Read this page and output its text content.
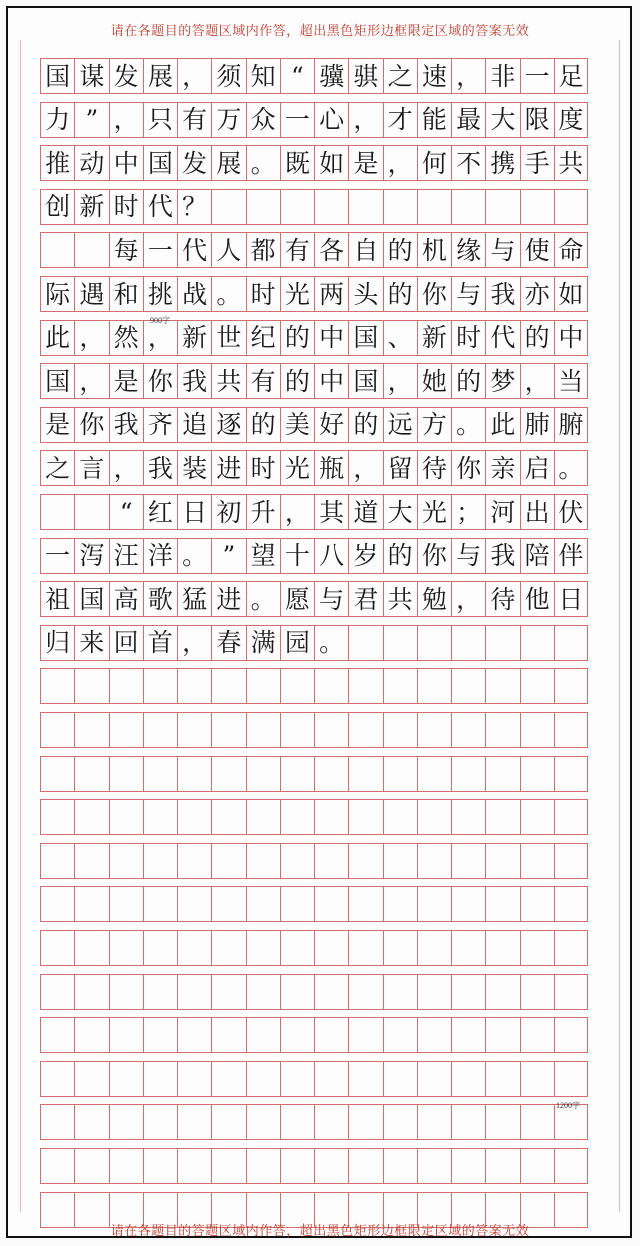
请在各题目的答题区域内作答，超出黑色矩形边框限定区域的答案无效
国 谋 发 展 ， 须 知 “ 骥 骐 之 速 ， 非 一 足
力 ” ， 只 有 万 众 一 心 ， 才 能 最 大 限 度
推 动 中 国 发 展 。 既 如 是 ， 何 不 携 手 共
创 新 时 代 ？
每 一 代 人 都 有 各 自 的 机 缘 与 使 命
际 遇 和 挑 战 。 时 光 两 头 的 你 与 我 亦 如
此 ， 然 ， 新 世 纪 的 中 国 、 新 时 代 的 中
国 ， 是 你 我 共 有 的 中 国 ， 她 的 梦 ， 当
是 你 我 齐 追 逐 的 美 好 的 远 方 。 此 肺 腑
之 言 ， 我 装 进 时 光 瓶 ， 留 待 你 亲 启 。
“ 红 日 初 升 ， 其 道 大 光 ； 河 出 伏
一 泻 汪 洋 。 ” 望 十 八 岁 的 你 与 我 陪 伴
祖 国 高 歌 猛 进 。 愿 与 君 共 勉 ， 待 他 日
归 来 回 首 ， 春 满 园 。
900字
1200字
请在各题目的答题区域内作答，超出黑色矩形边框限定区域的答案无效
